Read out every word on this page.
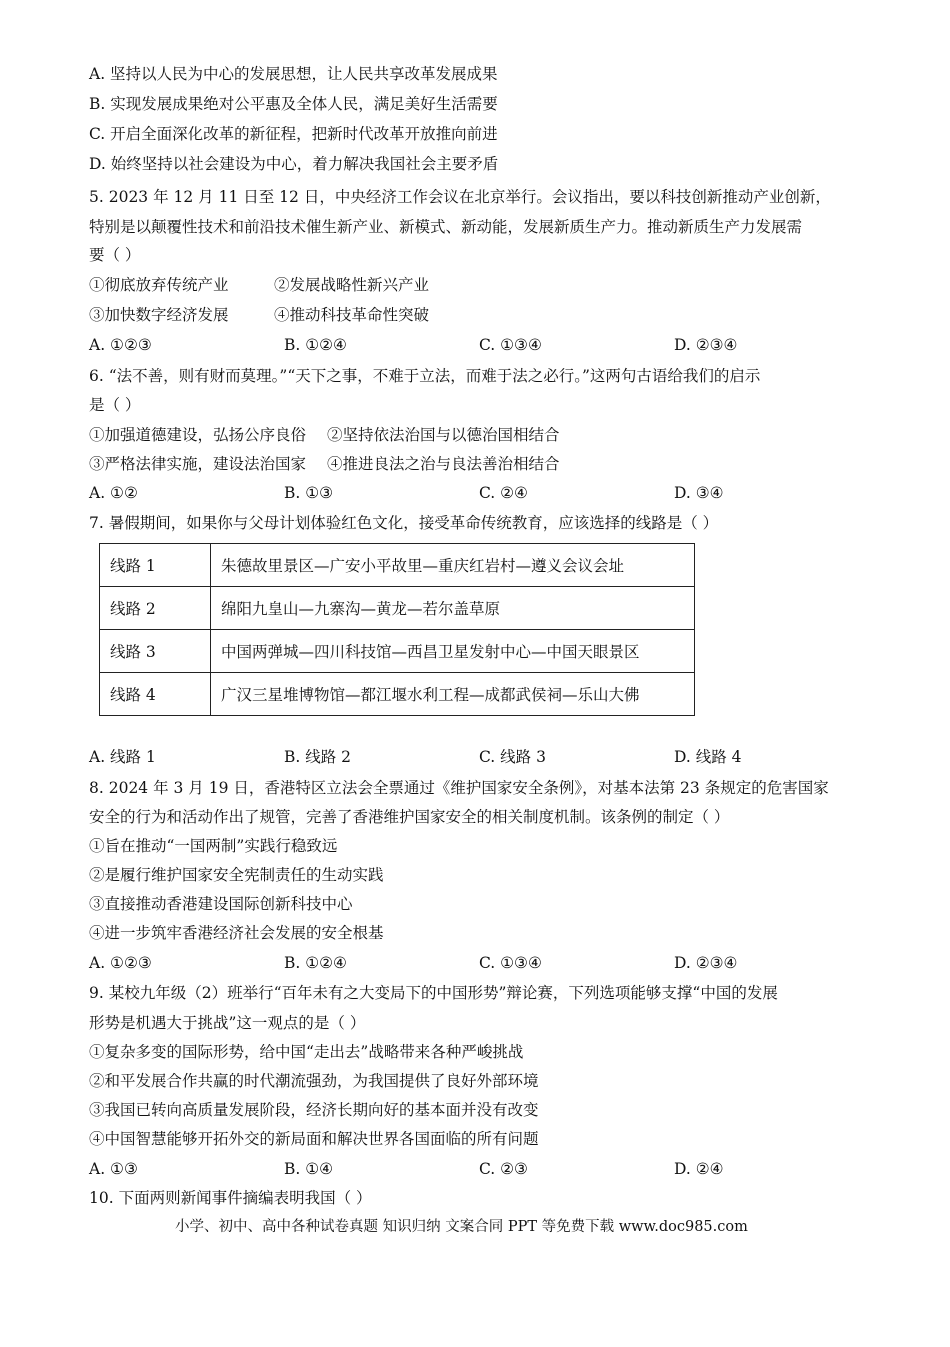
A. 坚持以人民为中心的发展思想，让人民共享改革发展成果
B. 实现发展成果绝对公平惠及全体人民，满足美好生活需要
C. 开启全面深化改革的新征程，把新时代改革开放推向前进
D. 始终坚持以社会建设为中心，着力解决我国社会主要矛盾
5. 2023 年 12 月 11 日至 12 日，中央经济工作会议在北京举行。会议指出，要以科技创新推动产业创新，
特别是以颠覆性技术和前沿技术催生新产业、新模式、新动能，发展新质生产力。推动新质生产力发展需
要（ ）
①彻底放弃传统产业	②发展战略性新兴产业
③加快数字经济发展	④推动科技革命性突破
A. ①②③	B. ①②④	C. ①③④	D. ②③④
6. “法不善，则有财而莫理。”“天下之事，不难于立法，而难于法之必行。”这两句古语给我们的启示
是（ ）
①加强道德建设，弘扬公序良俗 ②坚持依法治国与以德治国相结合
③严格法律实施，建设法治国家 ④推进良法之治与良法善治相结合
A. ①②	B. ①③	C. ②④	D. ③④
7. 暑假期间，如果你与父母计划体验红色文化，接受革命传统教育，应该选择的线路是（ ）
线路 1	朱德故里景区—广安小平故里—重庆红岩村—遵义会议会址
线路 2	绵阳九皇山—九寨沟—黄龙—若尔盖草原
线路 3	中国两弹城—四川科技馆—西昌卫星发射中心—中国天眼景区
线路 4	广汉三星堆博物馆—都江堰水利工程—成都武侯祠—乐山大佛
A. 线路 1	B. 线路 2	C. 线路 3	D. 线路 4
8. 2024 年 3 月 19 日，香港特区立法会全票通过《维护国家安全条例》，对基本法第 23 条规定的危害国家
安全的行为和活动作出了规管，完善了香港维护国家安全的相关制度机制。该条例的制定（ ）
①旨在推动“一国两制”实践行稳致远
②是履行维护国家安全宪制责任的生动实践
③直接推动香港建设国际创新科技中心
④进一步筑牢香港经济社会发展的安全根基
A. ①②③	B. ①②④	C. ①③④	D. ②③④
9. 某校九年级（2）班举行“百年未有之大变局下的中国形势”辩论赛，下列选项能够支撑“中国的发展
形势是机遇大于挑战”这一观点的是（ ）
①复杂多变的国际形势，给中国“走出去”战略带来各种严峻挑战
②和平发展合作共赢的时代潮流强劲，为我国提供了良好外部环境
③我国已转向高质量发展阶段，经济长期向好的基本面并没有改变
④中国智慧能够开拓外交的新局面和解决世界各国面临的所有问题
A. ①③	B. ①④	C. ②③	D. ②④
10. 下面两则新闻事件摘编表明我国（ ）
小学、初中、高中各种试卷真题 知识归纳 文案合同 PPT 等免费下载 www.doc985.com
